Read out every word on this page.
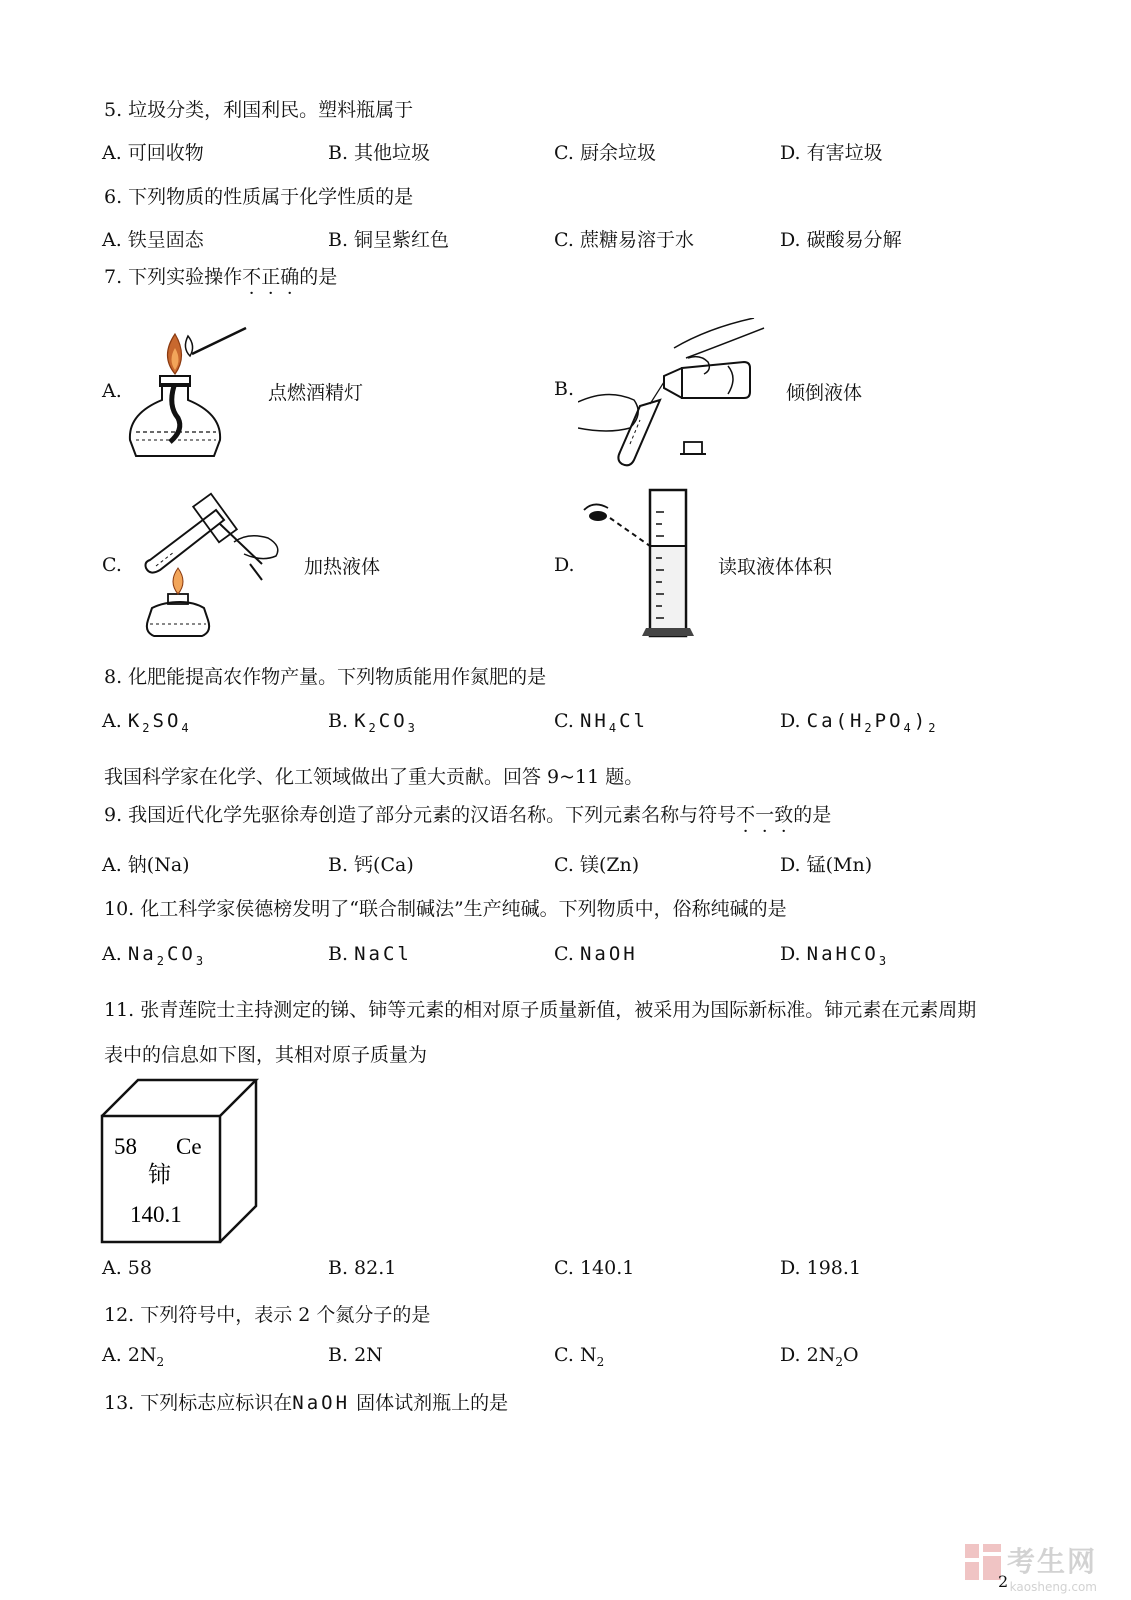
5. 垃圾分类，利国利民。塑料瓶属于
A. 可回收物	B. 其他垃圾	C. 厨余垃圾	D. 有害垃圾
6. 下列物质的性质属于化学性质的是
A. 铁呈固态	B. 铜呈紫红色	C. 蔗糖易溶于水	D. 碳酸易分解
7. 下列实验操作不正确的是
A.	点燃酒精灯	B.	倾倒液体
C.	加热液体	D.	读取液体体积
8. 化肥能提高农作物产量。下列物质能用作氮肥的是
A. $K_2SO_4$	B. $K_2CO_3$	C. $NH_4Cl$	D. $Ca(H_2PO_4)_2$
我国科学家在化学、化工领域做出了重大贡献。回答 9~11 题。
9. 我国近代化学先驱徐寿创造了部分元素的汉语名称。下列元素名称与符号不一致的是
A. 钠(Na)	B. 钙(Ca)	C. 镁(Zn)	D. 锰(Mn)
10. 化工科学家侯德榜发明了“联合制碱法”生产纯碱。下列物质中，俗称纯碱的是
A. $Na_2CO_3$	B. NaCl	C. NaOH	D. NaHCO$_3$
11. 张青莲院士主持测定的锑、铈等元素的相对原子质量新值，被采用为国际新标准。铈元素在元素周期
表中的信息如下图，其相对原子质量为
58 Ce
铈
140.1
A. 58	B. 82.1	C. 140.1	D. 198.1
12. 下列符号中，表示 2 个氮分子的是
A. $2N_2$	B. 2N	C. $N_2$	D. $2N_2O$
13. 下列标志应标识在NaOH 固体试剂瓶上的是
考生网
kaosheng.com
2
